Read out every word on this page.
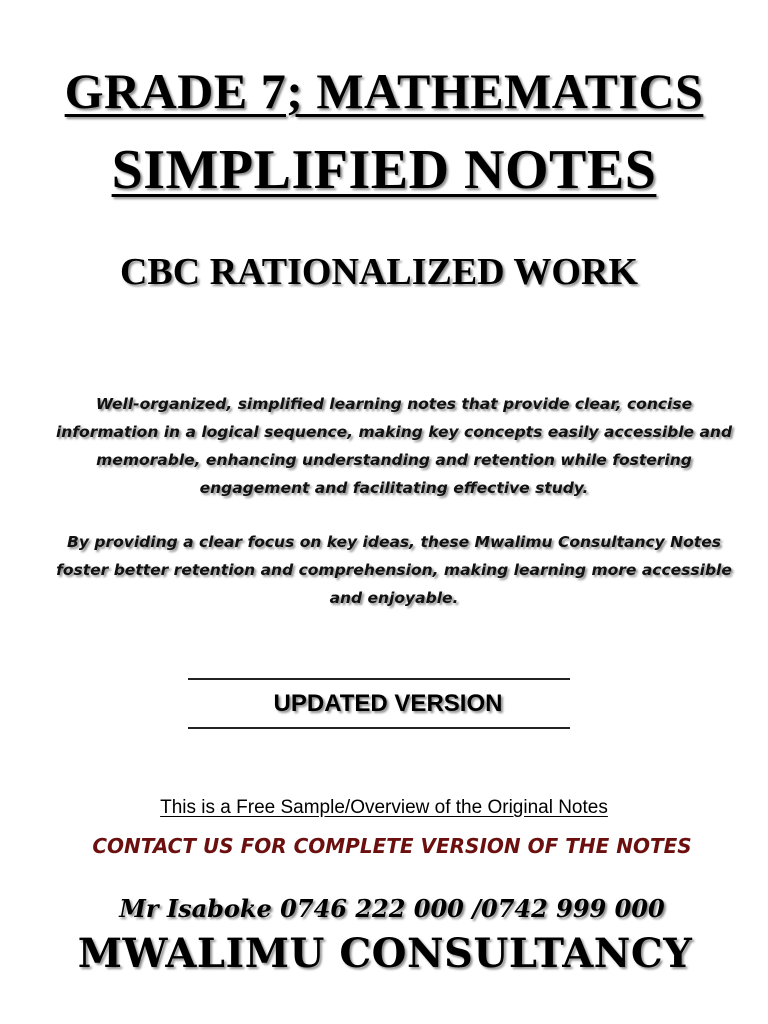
GRADE 7; MATHEMATICS
SIMPLIFIED NOTES
CBC RATIONALIZED WORK
Well-organized, simplified learning notes that provide clear, concise information in a logical sequence, making key concepts easily accessible and memorable, enhancing understanding and retention while fostering engagement and facilitating effective study.
By providing a clear focus on key ideas, these Mwalimu Consultancy Notes foster better retention and comprehension, making learning more accessible and enjoyable.
UPDATED VERSION
This is a Free Sample/Overview of the Original Notes
CONTACT US FOR COMPLETE VERSION OF THE NOTES
Mr Isaboke 0746 222 000 /0742 999 000
MWALIMU CONSULTANCY
